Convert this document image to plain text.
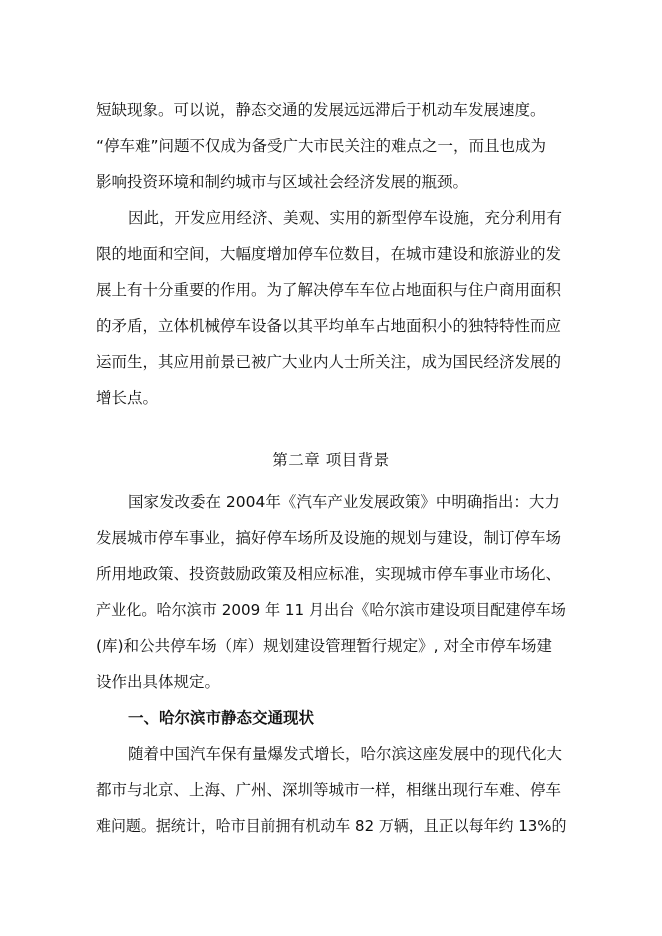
短缺现象。可以说，静态交通的发展远远滞后于机动车发展速度。
“停车难”问题不仅成为备受广大市民关注的难点之一，而且也成为
影响投资环境和制约城市与区域社会经济发展的瓶颈。
因此，开发应用经济、美观、实用的新型停车设施，充分利用有
限的地面和空间，大幅度增加停车位数目，在城市建设和旅游业的发
展上有十分重要的作用。为了解决停车车位占地面积与住户商用面积
的矛盾，立体机械停车设备以其平均单车占地面积小的独特特性而应
运而生，其应用前景已被广大业内人士所关注，成为国民经济发展的
增长点。
第二章 项目背景
国家发改委在 2004年《汽车产业发展政策》中明确指出：大力
发展城市停车事业，搞好停车场所及设施的规划与建设，制订停车场
所用地政策、投资鼓励政策及相应标准，实现城市停车事业市场化、
产业化。哈尔滨市 2009 年 11 月出台《哈尔滨市建设项目配建停车场
(库)和公共停车场（库）规划建设管理暂行规定》, 对全市停车场建
设作出具体规定。
一、哈尔滨市静态交通现状
随着中国汽车保有量爆发式增长，哈尔滨这座发展中的现代化大
都市与北京、上海、广州、深圳等城市一样，相继出现行车难、停车
难问题。据统计，哈市目前拥有机动车 82 万辆，且正以每年约 13%的
